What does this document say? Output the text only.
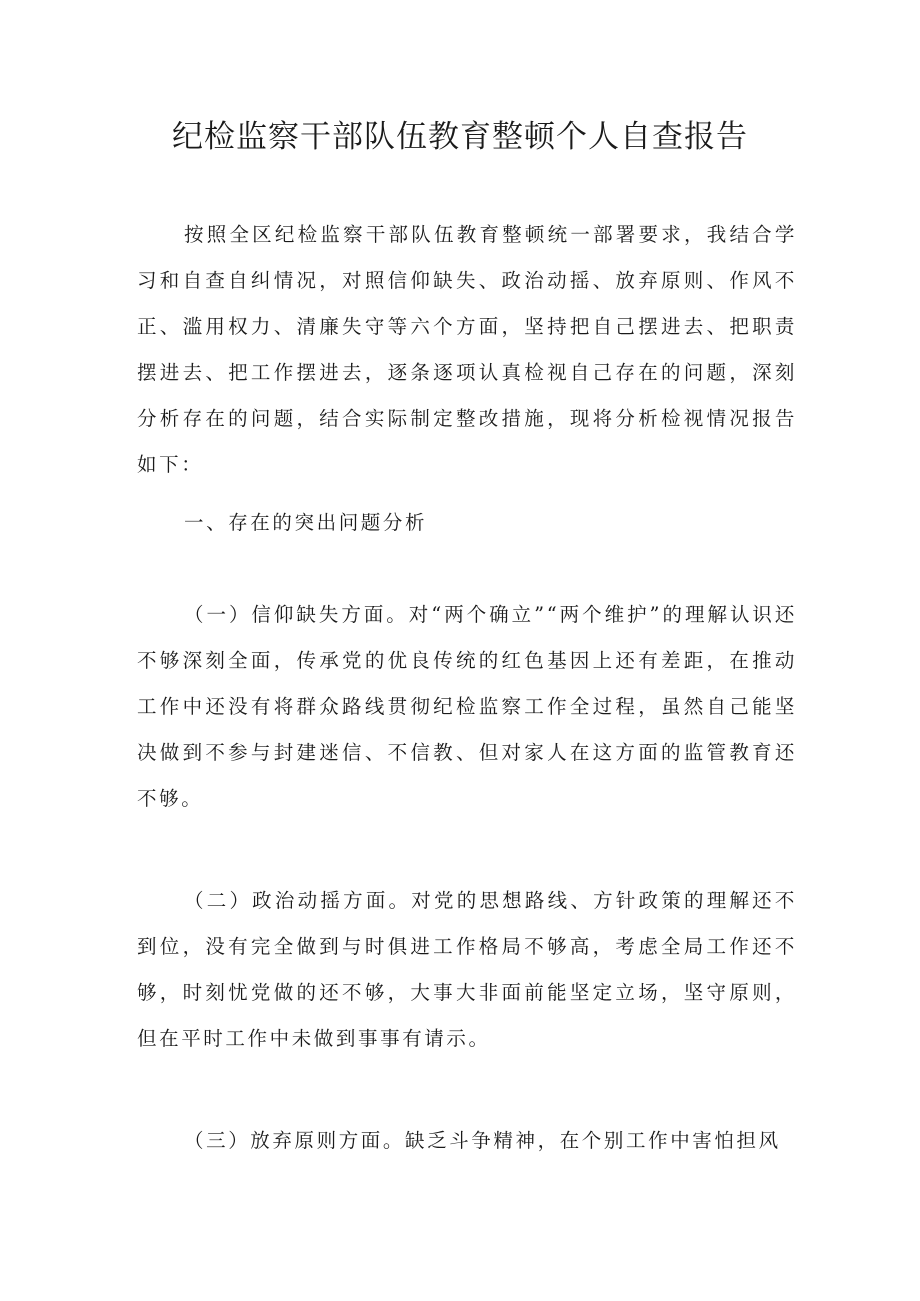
纪检监察干部队伍教育整顿个人自查报告

按照全区纪检监察干部队伍教育整顿统一部署要求，我结合学习和自查自纠情况，对照信仰缺失、政治动摇、放弃原则、作风不正、滥用权力、清廉失守等六个方面，坚持把自己摆进去、把职责摆进去、把工作摆进去，逐条逐项认真检视自己存在的问题，深刻分析存在的问题，结合实际制定整改措施，现将分析检视情况报告如下：

一、存在的突出问题分析

（一）信仰缺失方面。对“两个确立”“两个维护”的理解认识还不够深刻全面，传承党的优良传统的红色基因上还有差距，在推动工作中还没有将群众路线贯彻纪检监察工作全过程，虽然自己能坚决做到不参与封建迷信、不信教、但对家人在这方面的监管教育还不够。

（二）政治动摇方面。对党的思想路线、方针政策的理解还不到位，没有完全做到与时俱进工作格局不够高，考虑全局工作还不够，时刻忧党做的还不够，大事大非面前能坚定立场，坚守原则，但在平时工作中未做到事事有请示。

（三）放弃原则方面。缺乏斗争精神，在个别工作中害怕担风
